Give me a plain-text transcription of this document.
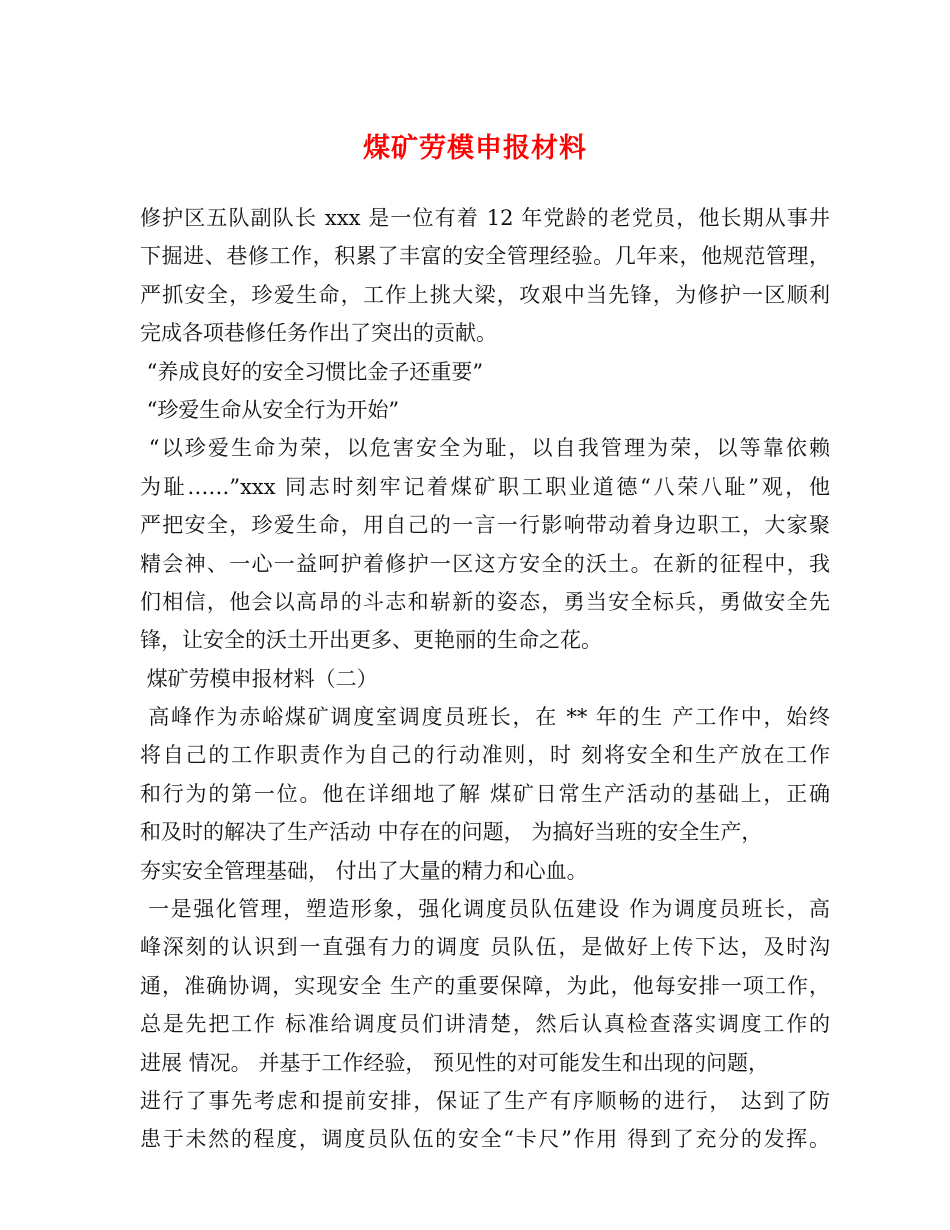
煤矿劳模申报材料
修护区五队副队长 xxx 是一位有着 12 年党龄的老党员，他长期从事井
下掘进、巷修工作，积累了丰富的安全管理经验。几年来，他规范管理，
严抓安全，珍爱生命，工作上挑大梁，攻艰中当先锋，为修护一区顺利
完成各项巷修任务作出了突出的贡献。
“养成良好的安全习惯比金子还重要”
“珍爱生命从安全行为开始”
“以珍爱生命为荣，以危害安全为耻，以自我管理为荣，以等靠依赖
为耻……”xxx 同志时刻牢记着煤矿职工职业道德“八荣八耻”观，他
严把安全，珍爱生命，用自己的一言一行影响带动着身边职工，大家聚
精会神、一心一益呵护着修护一区这方安全的沃土。在新的征程中，我
们相信，他会以高昂的斗志和崭新的姿态，勇当安全标兵，勇做安全先
锋，让安全的沃土开出更多、更艳丽的生命之花。
煤矿劳模申报材料（二）
高峰作为赤峪煤矿调度室调度员班长，在 ** 年的生 产工作中，始终
将自己的工作职责作为自己的行动准则，时 刻将安全和生产放在工作
和行为的第一位。他在详细地了解 煤矿日常生产活动的基础上，正确
和及时的解决了生产活动 中存在的问题， 为搞好当班的安全生产，
夯实安全管理基础， 付出了大量的精力和心血。
一是强化管理，塑造形象，强化调度员队伍建设 作为调度员班长，高
峰深刻的认识到一直强有力的调度 员队伍，是做好上传下达，及时沟
通，准确协调，实现安全 生产的重要保障，为此，他每安排一项工作，
总是先把工作 标准给调度员们讲清楚，然后认真检查落实调度工作的
进展 情况。 并基于工作经验， 预见性的对可能发生和出现的问题，
进行了事先考虑和提前安排，保证了生产有序顺畅的进行， 达到了防
患于未然的程度，调度员队伍的安全“卡尺”作用 得到了充分的发挥。
